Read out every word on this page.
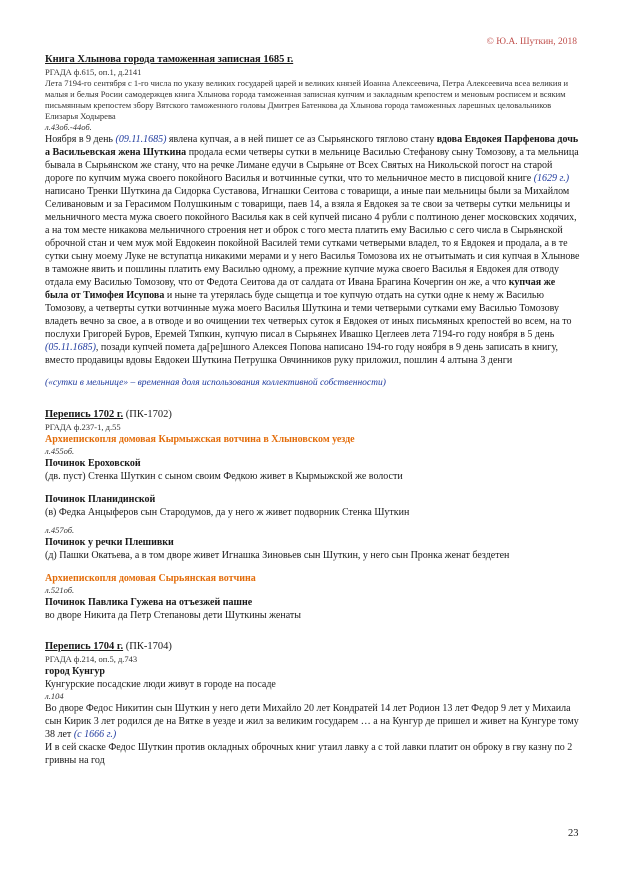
© Ю.А. Шуткин, 2018

Книга Хлынова города таможенная записная 1685 г.

РГАДА ф.615, оп.1, д.2141

Лета 7194-го сентября с 1-го числа по указу великих государей царей и великих князей Иоанна Алексеевича, Петра Алексеевича всеа великия и малыя и белыя Росии самодержцев книга Хлынова города таможенная записная купчим и закладным крепостем и меновым росписем и всяким письмянным крепостем збору Вятского таможенного головы Дмитрея Батенкова да Хлынова города таможенных ларешных целовальников Елизарья Ходырева

л.43об.-44об.

Ноября в 9 день (09.11.1685) явлена купчая, а в ней пишет се аз Сырьянского тяглово стану вдова Евдокея Парфенова дочь а Васильевская жена Шуткина продала есми четверы сутки в мельнице Василью Стефанову сыну Томозову, а та мельница бывала в Сырьянском же стану, что на речке Лимане едучи в Сырьяне от Всех Святых на Никольской погост на старой дороге по купчим мужа своего покойного Василья и вотчинные сутки, что то мельничное место в писцовой книге (1629 г.) написано Тренки Шуткина да Сидорка Суставова, Игнашки Сеитова с товарищи, а иные паи мельницы были за Михайлом Селивановым и за Герасимом Полушкиным с товарищи, паев 14, а взяла я Евдокея за те свои за четверы сутки мельницы и мельничного места мужа своего покойного Василья как в сей купчей писано 4 рубли с полтиною денег московских ходячих, а на том месте никакова мельничного строения нет и оброк с того места платить ему Василью с сего числа в Сырьянской оброчной стан и чем муж мой Евдокеин покойной Василей теми сутками четверыми владел, то я Евдокея и продала, а в те сутки сыну моему Луке не вступатца никакими мерами и у него Василья Томозова их не отъитымать и сия купчая в Хлынове в таможне явить и пошлины платить ему Василью одному, а прежние купчие мужа своего Василья я Евдокея для отводу отдала ему Василью Томозову, что от Федота Сеитова да от салдата от Ивана Брагина Кочергин он же, а что купчая же была от Тимофея Исупова и ныне та утерялась буде сыщетца и тое купчую отдать на сутки одне к нему ж Василью Томозову, а четверты сутки вотчинные мужа моего Василья Шуткина и теми четверыми сутками ему Василью Томозову владеть вечно за свое, а в отводе и во очищении тех четверых суток я Евдокея от иных письмяных крепостей во всем, на то послухи Григорей Буров, Еремей Тяпкин, купчую писал в Сырьянех Ивашко Цеглеев лета 7194-го году ноября в 5 день (05.11.1685), позади купчей помета да[ре]шного Алексея Попова написано 194-го году ноября в 9 день записать в книгу, вместо продавицы вдовы Евдокеи Шуткина Петрушка Овчинников руку приложил, пошлин 4 алтына 3 денги

(«сутки в мельнице» – временная доля использования коллективной собственности)

Перепись 1702 г. (ПК-1702)

РГАДА ф.237-1, д.55

Архиепископля домовая Кырмыжская вотчина в Хлыновском уезде

л.455об.

Починок Ероховской

(дв. пуст) Стенка Шуткин с сыном своим Федкою живет в Кырмыжской же волости

Починок Планидинской

(в) Федка Анцыферов сын Стародумов, да у него ж живет подворник Стенка Шуткин

л.457об.

Починок у речки Плешивки

(д) Пашки Окатьева, а в том дворе живет Игнашка Зиновьев сын Шуткин, у него сын Пронка женат бездетен

Архиепископля домовая Сырьянская вотчина

л.521об.

Починок Павлика Гужева на отъезжей пашне

во дворе Никита да Петр Степановы дети Шуткины женаты

Перепись 1704 г. (ПК-1704)

РГАДА ф.214, оп.5, д.743

город Кунгур

Кунгурские посадские люди живут в городе на посаде

л.104

Во дворе Федос Никитин сын Шуткин у него дети Михайло 20 лет Кондратей 14 лет Родион 13 лет Федор 9 лет у Михаила сын Кирик 3 лет родился де на Вятке в уезде и жил за великим государем … а на Кунгур де пришел и живет на Кунгуре тому 38 лет (с 1666 г.)

И в сей скаске Федос Шуткин против окладных оброчных книг утаил лавку а с той лавки платит он оброку в гву казну по 2 гривны на год

23
